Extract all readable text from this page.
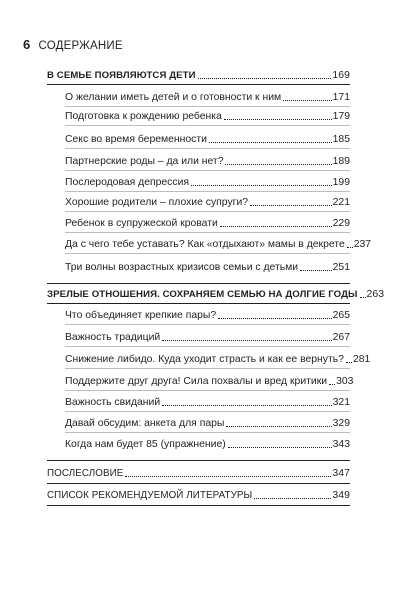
6 СОДЕРЖАНИЕ
В СЕМЬЕ ПОЯВЛЯЮТСЯ ДЕТИ	169
О желании иметь детей и о готовности к ним	171
Подготовка к рождению ребенка	179
Секс во время беременности	185
Партнерские роды – да или нет?	189
Послеродовая депрессия	199
Хорошие родители – плохие супруги?	221
Ребенок в супружеской кровати	229
Да с чего тебе уставать? Как «отдыхают» мамы в декрете 237
Три волны возрастных кризисов семьи с детьми	251
ЗРЕЛЫЕ ОТНОШЕНИЯ. СОХРАНЯЕМ СЕМЬЮ НА ДОЛГИЕ ГОДЫ 263
Что объединяет крепкие пары?	265
Важность традиций	267
Снижение либидо. Куда уходит страсть и как ее вернуть? 281
Поддержите друг друга! Сила похвалы и вред критики 303
Важность свиданий	321
Давай обсудим: анкета для пары	329
Когда нам будет 85 (упражнение)	343
ПОСЛЕСЛОВИЕ	347
СПИСОК РЕКОМЕНДУЕМОЙ ЛИТЕРАТУРЫ	349
